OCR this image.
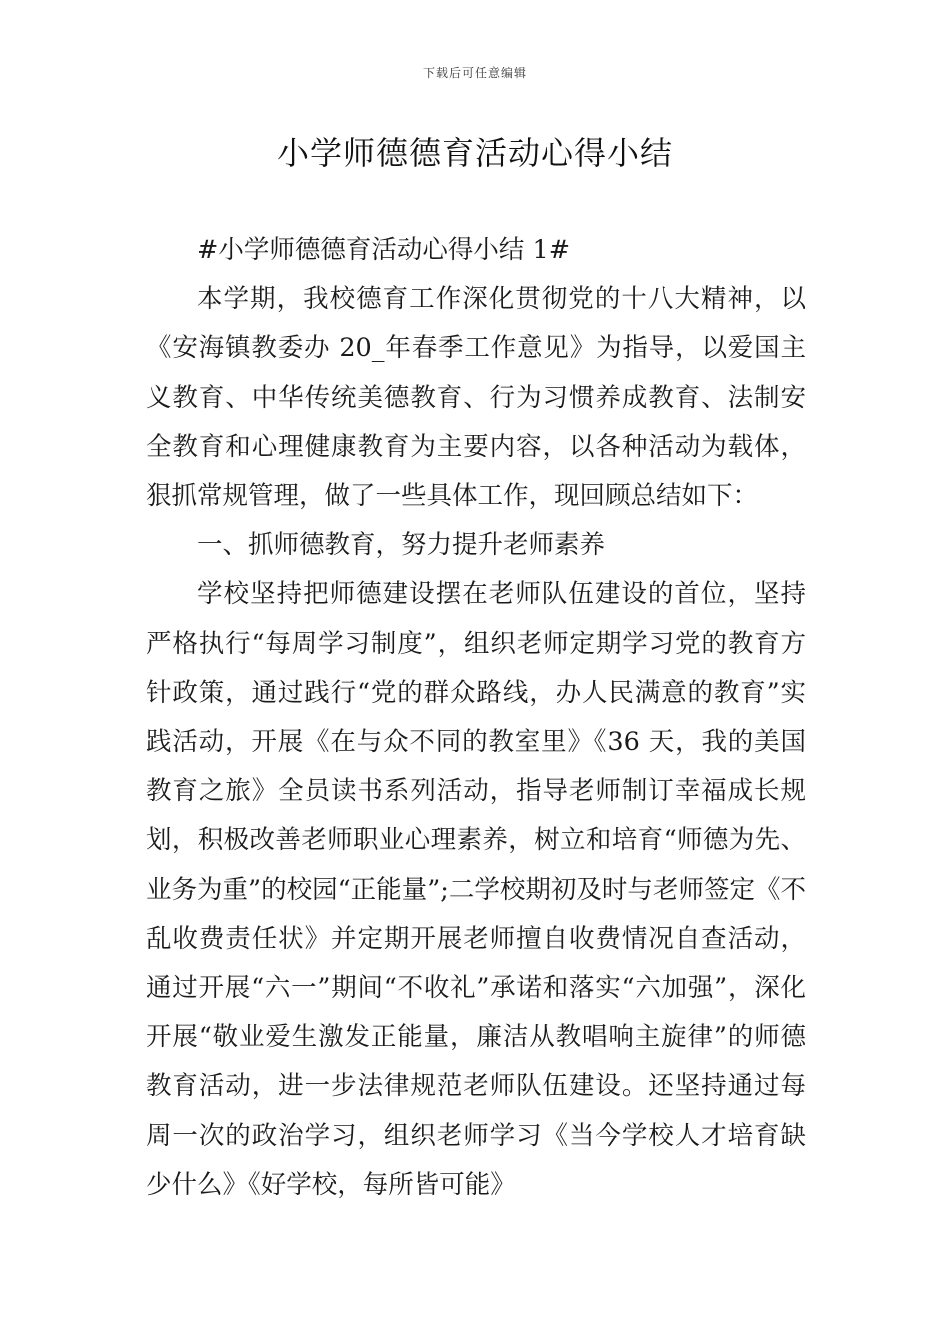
下载后可任意编辑
小学师德德育活动心得小结

#小学师德德育活动心得小结 1#

本学期，我校德育工作深化贯彻党的十八大精神，以《安海镇教委办 20_年春季工作意见》为指导，以爱国主义教育、中华传统美德教育、行为习惯养成教育、法制安全教育和心理健康教育为主要内容，以各种活动为载体，狠抓常规管理，做了一些具体工作，现回顾总结如下：

一、抓师德教育，努力提升老师素养

学校坚持把师德建设摆在老师队伍建设的首位，坚持严格执行“每周学习制度”，组织老师定期学习党的教育方针政策，通过践行“党的群众路线，办人民满意的教育”实践活动，开展《在与众不同的教室里》《36 天，我的美国教育之旅》全员读书系列活动，指导老师制订幸福成长规划，积极改善老师职业心理素养，树立和培育“师德为先、业务为重”的校园“正能量”;二学校期初及时与老师签定《不乱收费责任状》并定期开展老师擅自收费情况自查活动，通过开展“六一”期间“不收礼”承诺和落实“六加强”，深化开展“敬业爱生激发正能量，廉洁从教唱响主旋律”的师德教育活动，进一步法律规范老师队伍建设。还坚持通过每周一次的政治学习，组织老师学习《当今学校人才培育缺少什么》《好学校，每所皆可能》
